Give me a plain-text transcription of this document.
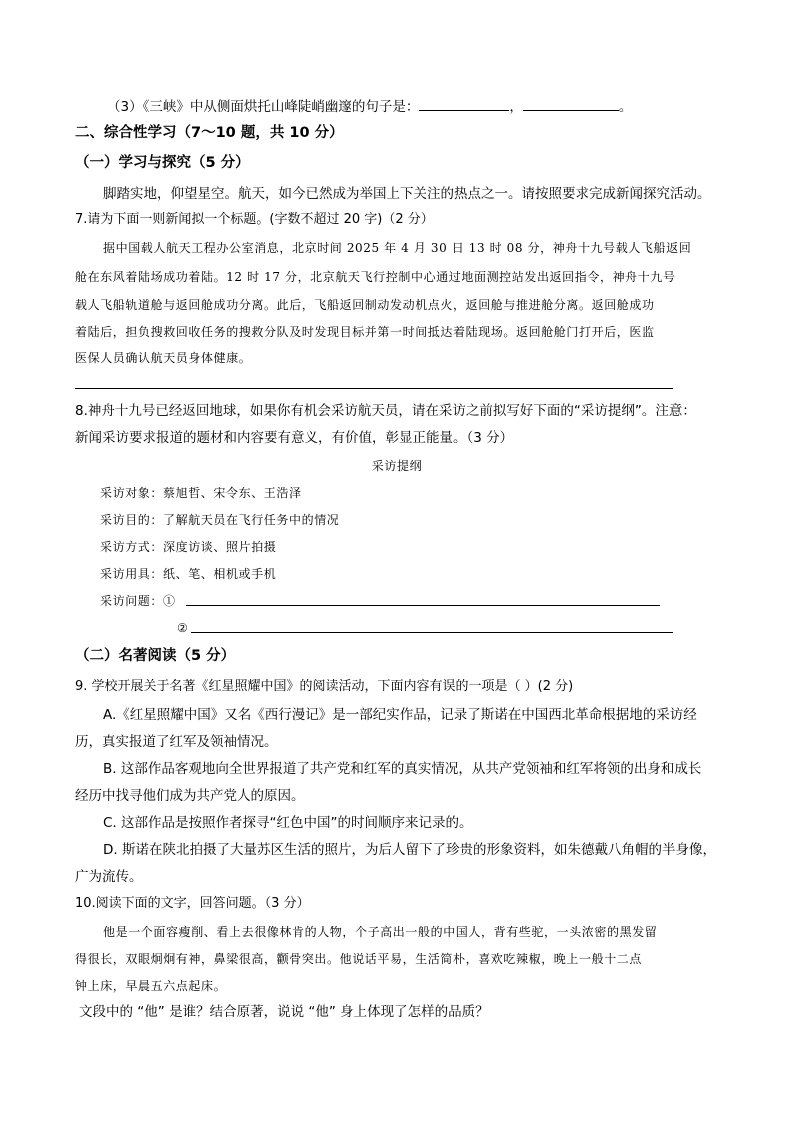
（3）《三峡》中从侧面烘托山峰陡峭幽邃的句子是：	，	。
二、综合性学习（7～10 题，共 10 分）
（一）学习与探究（5 分）
脚踏实地，仰望星空。航天，如今已然成为举国上下关注的热点之一。请按照要求完成新闻探究活动。
7.请为下面一则新闻拟一个标题。(字数不超过 20 字)（2 分）
据中国载人航天工程办公室消息，北京时间 2025 年 4 月 30 日 13 时 08 分，神舟十九号载人飞船返回
舱在东风着陆场成功着陆。12 时 17 分，北京航天飞行控制中心通过地面测控站发出返回指令，神舟十九号
载人飞船轨道舱与返回舱成功分离。此后，飞船返回制动发动机点火，返回舱与推进舱分离。返回舱成功
着陆后，担负搜救回收任务的搜救分队及时发现目标并第一时间抵达着陆现场。返回舱舱门打开后，医监
医保人员确认航天员身体健康。
8.神舟十九号已经返回地球，如果你有机会采访航天员，请在采访之前拟写好下面的“采访提纲”。注意：
新闻采访要求报道的题材和内容要有意义，有价值，彰显正能量。（3 分）
采访提纲
采访对象：蔡旭哲、宋令东、王浩泽
采访目的：了解航天员在飞行任务中的情况
采访方式：深度访谈、照片拍摄
采访用具：纸、笔、相机或手机
采访问题：①
②
（二）名著阅读（5 分）
9. 学校开展关于名著《红星照耀中国》的阅读活动，下面内容有误的一项是（ ）(2 分)
A.《红星照耀中国》又名《西行漫记》是一部纪实作品，记录了斯诺在中国西北革命根据地的采访经
历，真实报道了红军及领袖情况。
B. 这部作品客观地向全世界报道了共产党和红军的真实情况，从共产党领袖和红军将领的出身和成长
经历中找寻他们成为共产党人的原因。
C. 这部作品是按照作者探寻“红色中国”的时间顺序来记录的。
D. 斯诺在陕北拍摄了大量苏区生活的照片，为后人留下了珍贵的形象资料，如朱德戴八角帽的半身像，
广为流传。
10.阅读下面的文字，回答问题。（3 分）
他是一个面容瘦削、看上去很像林肯的人物，个子高出一般的中国人，背有些驼，一头浓密的黑发留
得很长，双眼炯炯有神，鼻梁很高，颧骨突出。他说话平易，生活简朴，喜欢吃辣椒，晚上一般十二点
钟上床，早晨五六点起床。
文段中的 “他” 是谁？结合原著，说说 “他” 身上体现了怎样的品质？
